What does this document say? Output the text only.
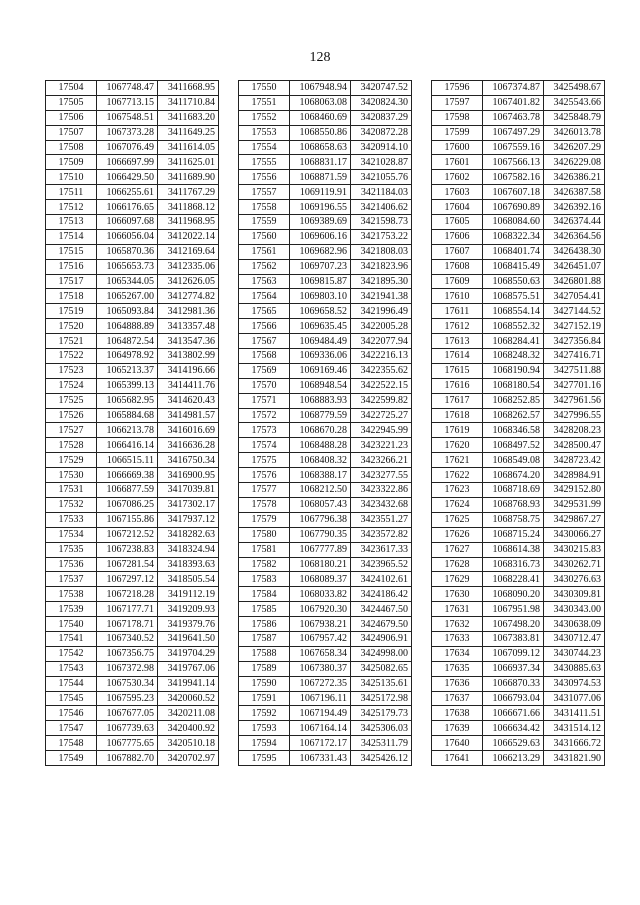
128
17504	1067748.47	3411668.95
17505	1067713.15	3411710.84
17506	1067548.51	3411683.20
17507	1067373.28	3411649.25
17508	1067076.49	3411614.05
17509	1066697.99	3411625.01
17510	1066429.50	3411689.90
17511	1066255.61	3411767.29
17512	1066176.65	3411868.12
17513	1066097.68	3411968.95
17514	1066056.04	3412022.14
17515	1065870.36	3412169.64
17516	1065653.73	3412335.06
17517	1065344.05	3412626.05
17518	1065267.00	3412774.82
17519	1065093.84	3412981.36
17520	1064888.89	3413357.48
17521	1064872.54	3413547.36
17522	1064978.92	3413802.99
17523	1065213.37	3414196.66
17524	1065399.13	3414411.76
17525	1065682.95	3414620.43
17526	1065884.68	3414981.57
17527	1066213.78	3416016.69
17528	1066416.14	3416636.28
17529	1066515.11	3416750.34
17530	1066669.38	3416900.95
17531	1066877.59	3417039.81
17532	1067086.25	3417302.17
17533	1067155.86	3417937.12
17534	1067212.52	3418282.63
17535	1067238.83	3418324.94
17536	1067281.54	3418393.63
17537	1067297.12	3418505.54
17538	1067218.28	3419112.19
17539	1067177.71	3419209.93
17540	1067178.71	3419379.76
17541	1067340.52	3419641.50
17542	1067356.75	3419704.29
17543	1067372.98	3419767.06
17544	1067530.34	3419941.14
17545	1067595.23	3420060.52
17546	1067677.05	3420211.08
17547	1067739.63	3420400.92
17548	1067775.65	3420510.18
17549	1067882.70	3420702.97
17550	1067948.94	3420747.52
17551	1068063.08	3420824.30
17552	1068460.69	3420837.29
17553	1068550.86	3420872.28
17554	1068658.63	3420914.10
17555	1068831.17	3421028.87
17556	1068871.59	3421055.76
17557	1069119.91	3421184.03
17558	1069196.55	3421406.62
17559	1069389.69	3421598.73
17560	1069606.16	3421753.22
17561	1069682.96	3421808.03
17562	1069707.23	3421823.96
17563	1069815.87	3421895.30
17564	1069803.10	3421941.38
17565	1069658.52	3421996.49
17566	1069635.45	3422005.28
17567	1069484.49	3422077.94
17568	1069336.06	3422216.13
17569	1069169.46	3422355.62
17570	1068948.54	3422522.15
17571	1068883.93	3422599.82
17572	1068779.59	3422725.27
17573	1068670.28	3422945.99
17574	1068488.28	3423221.23
17575	1068408.32	3423266.21
17576	1068388.17	3423277.55
17577	1068212.50	3423322.86
17578	1068057.43	3423432.68
17579	1067796.38	3423551.27
17580	1067790.35	3423572.82
17581	1067777.89	3423617.33
17582	1068180.21	3423965.52
17583	1068089.37	3424102.61
17584	1068033.82	3424186.42
17585	1067920.30	3424467.50
17586	1067938.21	3424679.50
17587	1067957.42	3424906.91
17588	1067658.34	3424998.00
17589	1067380.37	3425082.65
17590	1067272.35	3425135.61
17591	1067196.11	3425172.98
17592	1067194.49	3425179.73
17593	1067164.14	3425306.03
17594	1067172.17	3425311.79
17595	1067331.43	3425426.12
17596	1067374.87	3425498.67
17597	1067401.82	3425543.66
17598	1067463.78	3425848.79
17599	1067497.29	3426013.78
17600	1067559.16	3426207.29
17601	1067566.13	3426229.08
17602	1067582.16	3426386.21
17603	1067607.18	3426387.58
17604	1067690.89	3426392.16
17605	1068084.60	3426374.44
17606	1068322.34	3426364.56
17607	1068401.74	3426438.30
17608	1068415.49	3426451.07
17609	1068550.63	3426801.88
17610	1068575.51	3427054.41
17611	1068554.14	3427144.52
17612	1068552.32	3427152.19
17613	1068284.41	3427356.84
17614	1068248.32	3427416.71
17615	1068190.94	3427511.88
17616	1068180.54	3427701.16
17617	1068252.85	3427961.56
17618	1068262.57	3427996.55
17619	1068346.58	3428208.23
17620	1068497.52	3428500.47
17621	1068549.08	3428723.42
17622	1068674.20	3428984.91
17623	1068718.69	3429152.80
17624	1068768.93	3429531.99
17625	1068758.75	3429867.27
17626	1068715.24	3430066.27
17627	1068614.38	3430215.83
17628	1068316.73	3430262.71
17629	1068228.41	3430276.63
17630	1068090.20	3430309.81
17631	1067951.98	3430343.00
17632	1067498.20	3430638.09
17633	1067383.81	3430712.47
17634	1067099.12	3430744.23
17635	1066937.34	3430885.63
17636	1066870.33	3430974.53
17637	1066793.04	3431077.06
17638	1066671.66	3431411.51
17639	1066634.42	3431514.12
17640	1066529.63	3431666.72
17641	1066213.29	3431821.90
